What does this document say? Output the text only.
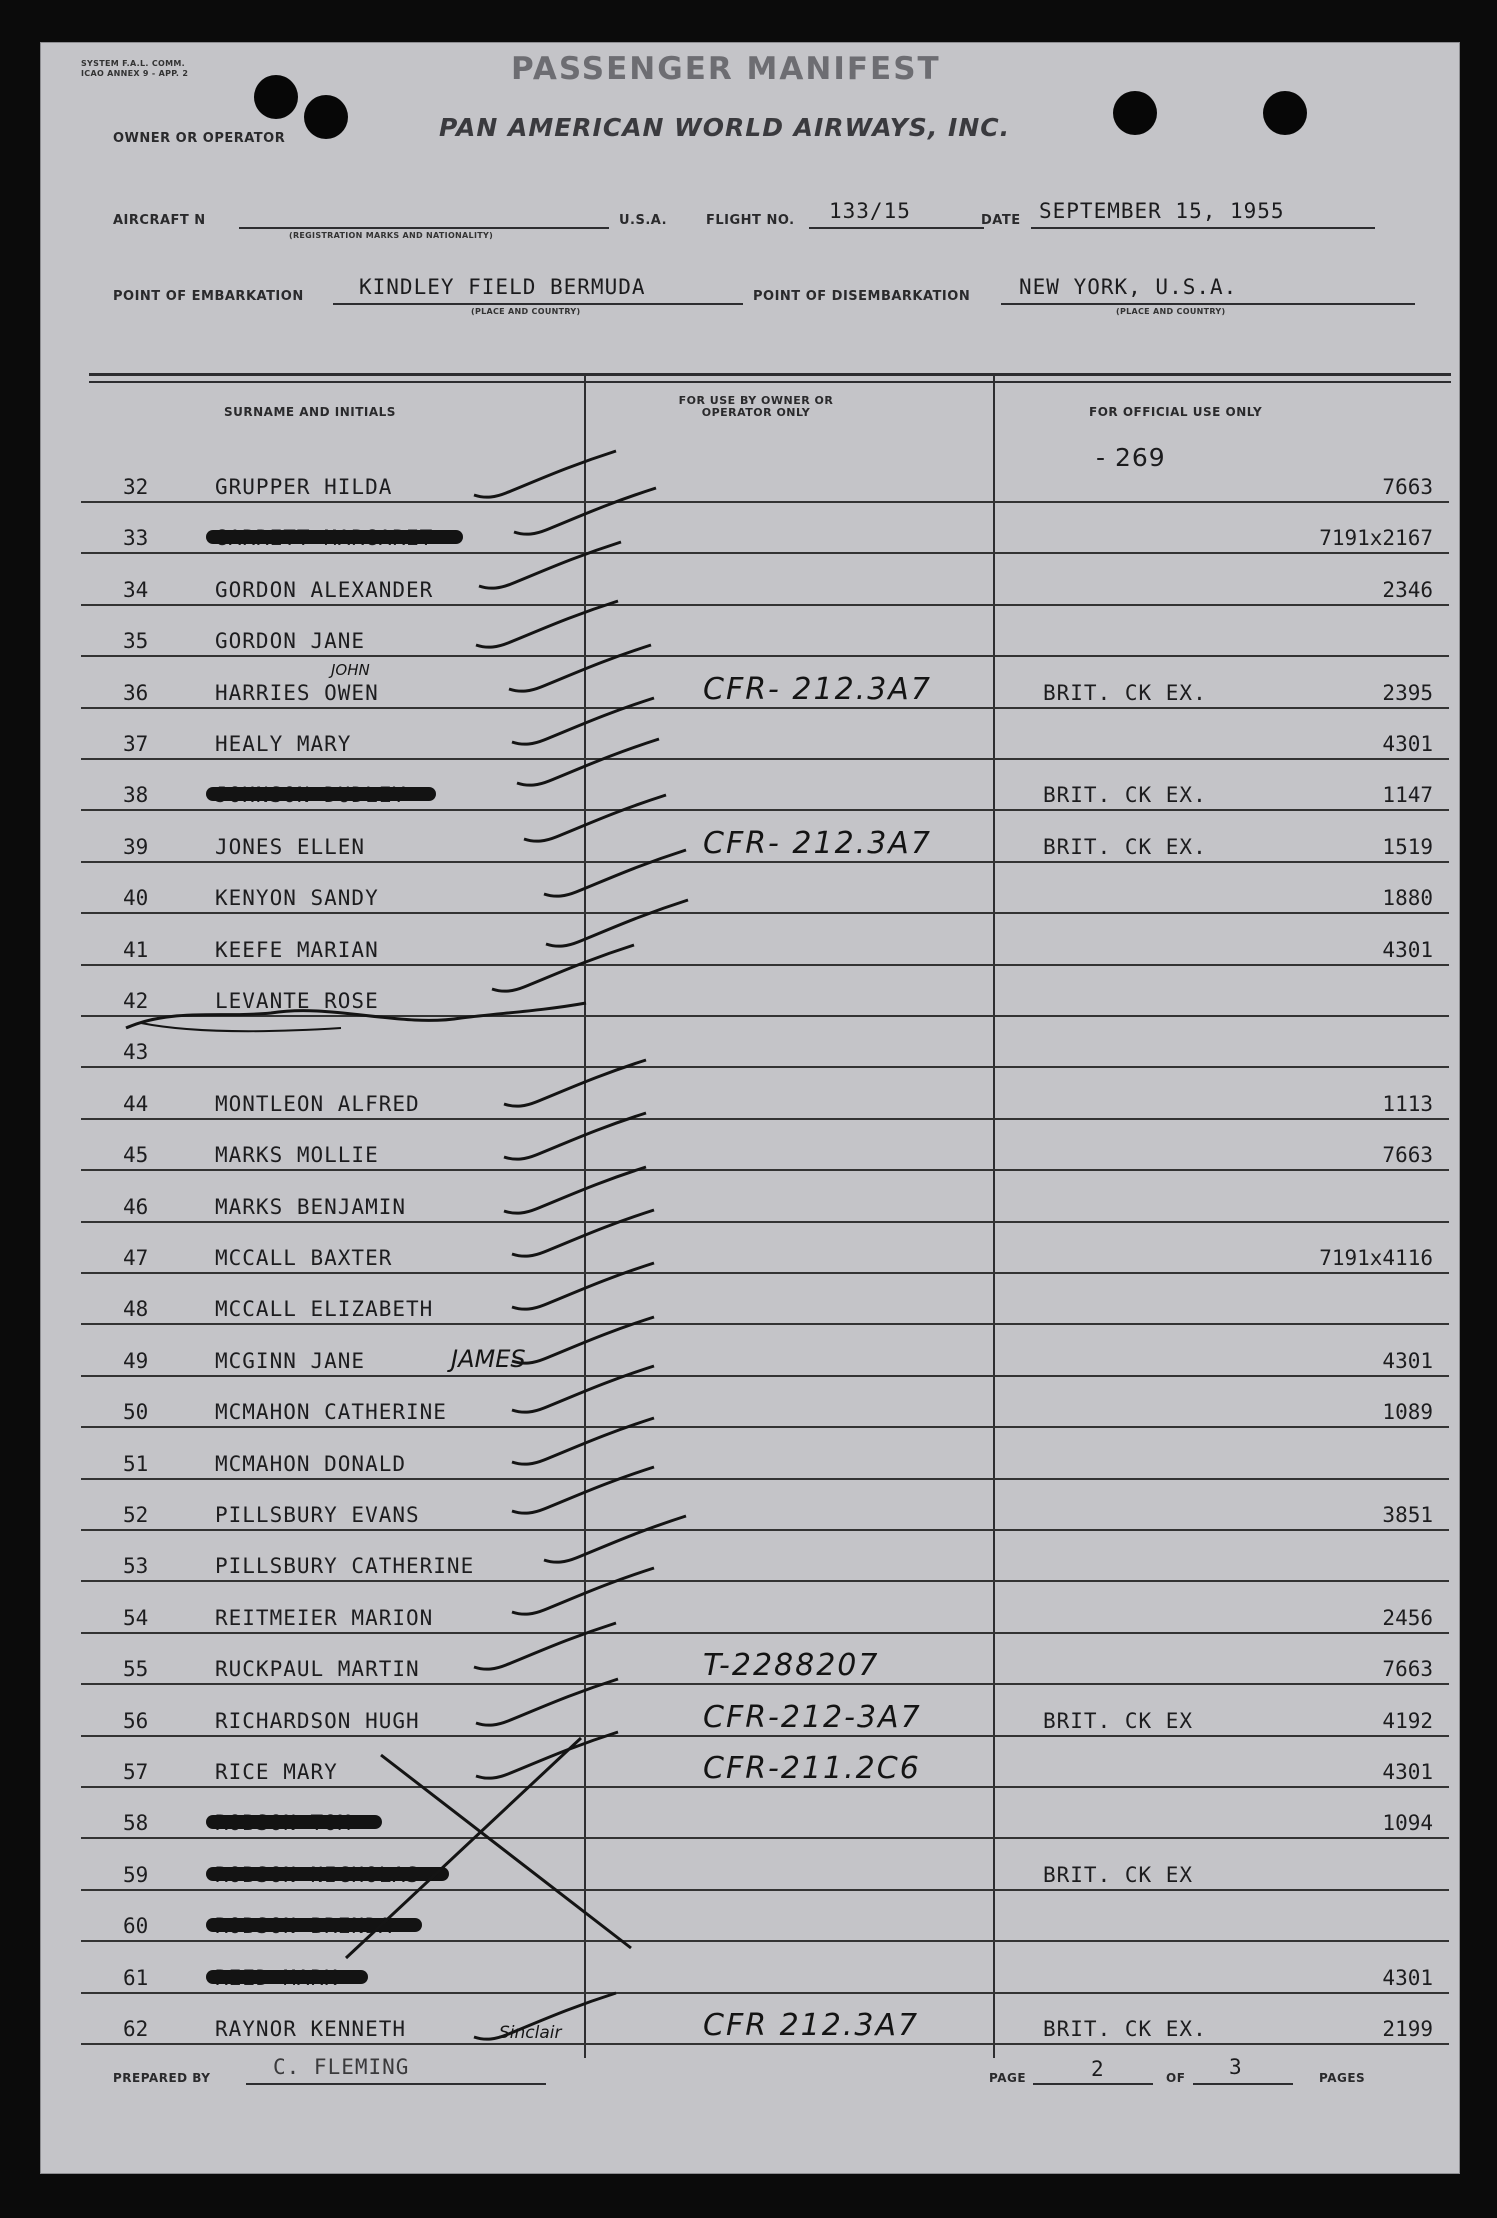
SYSTEM F.A.L. COMM.
ICAO ANNEX 9 - APP. 2	PASSENGER MANIFEST
PAN AMERICAN WORLD AIRWAYS, INC.
OWNER OR OPERATOR
AIRCRAFT N
(REGISTRATION MARKS AND NATIONALITY)
U.S.A.	FLIGHT NO. 133/15	DATE SEPTEMBER 15, 1955
POINT OF EMBARKATION	KINDLEY FIELD BERMUDA
(PLACE AND COUNTRY)
POINT OF DISEMBARKATION NEW YORK, U.S.A.
(PLACE AND COUNTRY)
SURNAME AND INITIALS
FOR USE BY OWNER OR OPERATOR ONLY	FOR OFFICIAL USE ONLY
- 269
32	GRUPPER HILDA	7663
33	7191x2167
34	GORDON ALEXANDER	2346
35	GORDON JANE
36	HARRIES OWEN	CFR- 212.3A7	BRIT. CK EX.	2395
JOHN
37	HEALY MARY	4301
38	BRIT. CK EX.	1147
39	JONES ELLEN	CFR- 212.3A7	BRIT. CK EX.	1519
40	KENYON SANDY	1880
41	KEEFE MARIAN	4301
42	LEVANTE ROSE
43
44	MONTLEON ALFRED	1113
45	MARKS MOLLIE	7663
46	MARKS BENJAMIN
47	MCCALL BAXTER	7191x4116
48	MCCALL ELIZABETH
49	MCGINN JANE	4301
JAMES
50	MCMAHON CATHERINE	1089
51	MCMAHON DONALD
52	PILLSBURY EVANS	3851
53	PILLSBURY CATHERINE
54	REITMEIER MARION	2456
55	RUCKPAUL MARTIN	T-2288207	7663
56	RICHARDSON HUGH	CFR-212-3A7	BRIT. CK EX	4192
57	RICE MARY	CFR-211.2C6	4301
58	1094
59	BRIT. CK EX
60
61	4301
62	RAYNOR KENNETH	CFR 212.3A7	BRIT. CK EX.	2199
Sinclair
PREPARED BY	C. FLEMING	PAGE	2	OF 3	PAGES
